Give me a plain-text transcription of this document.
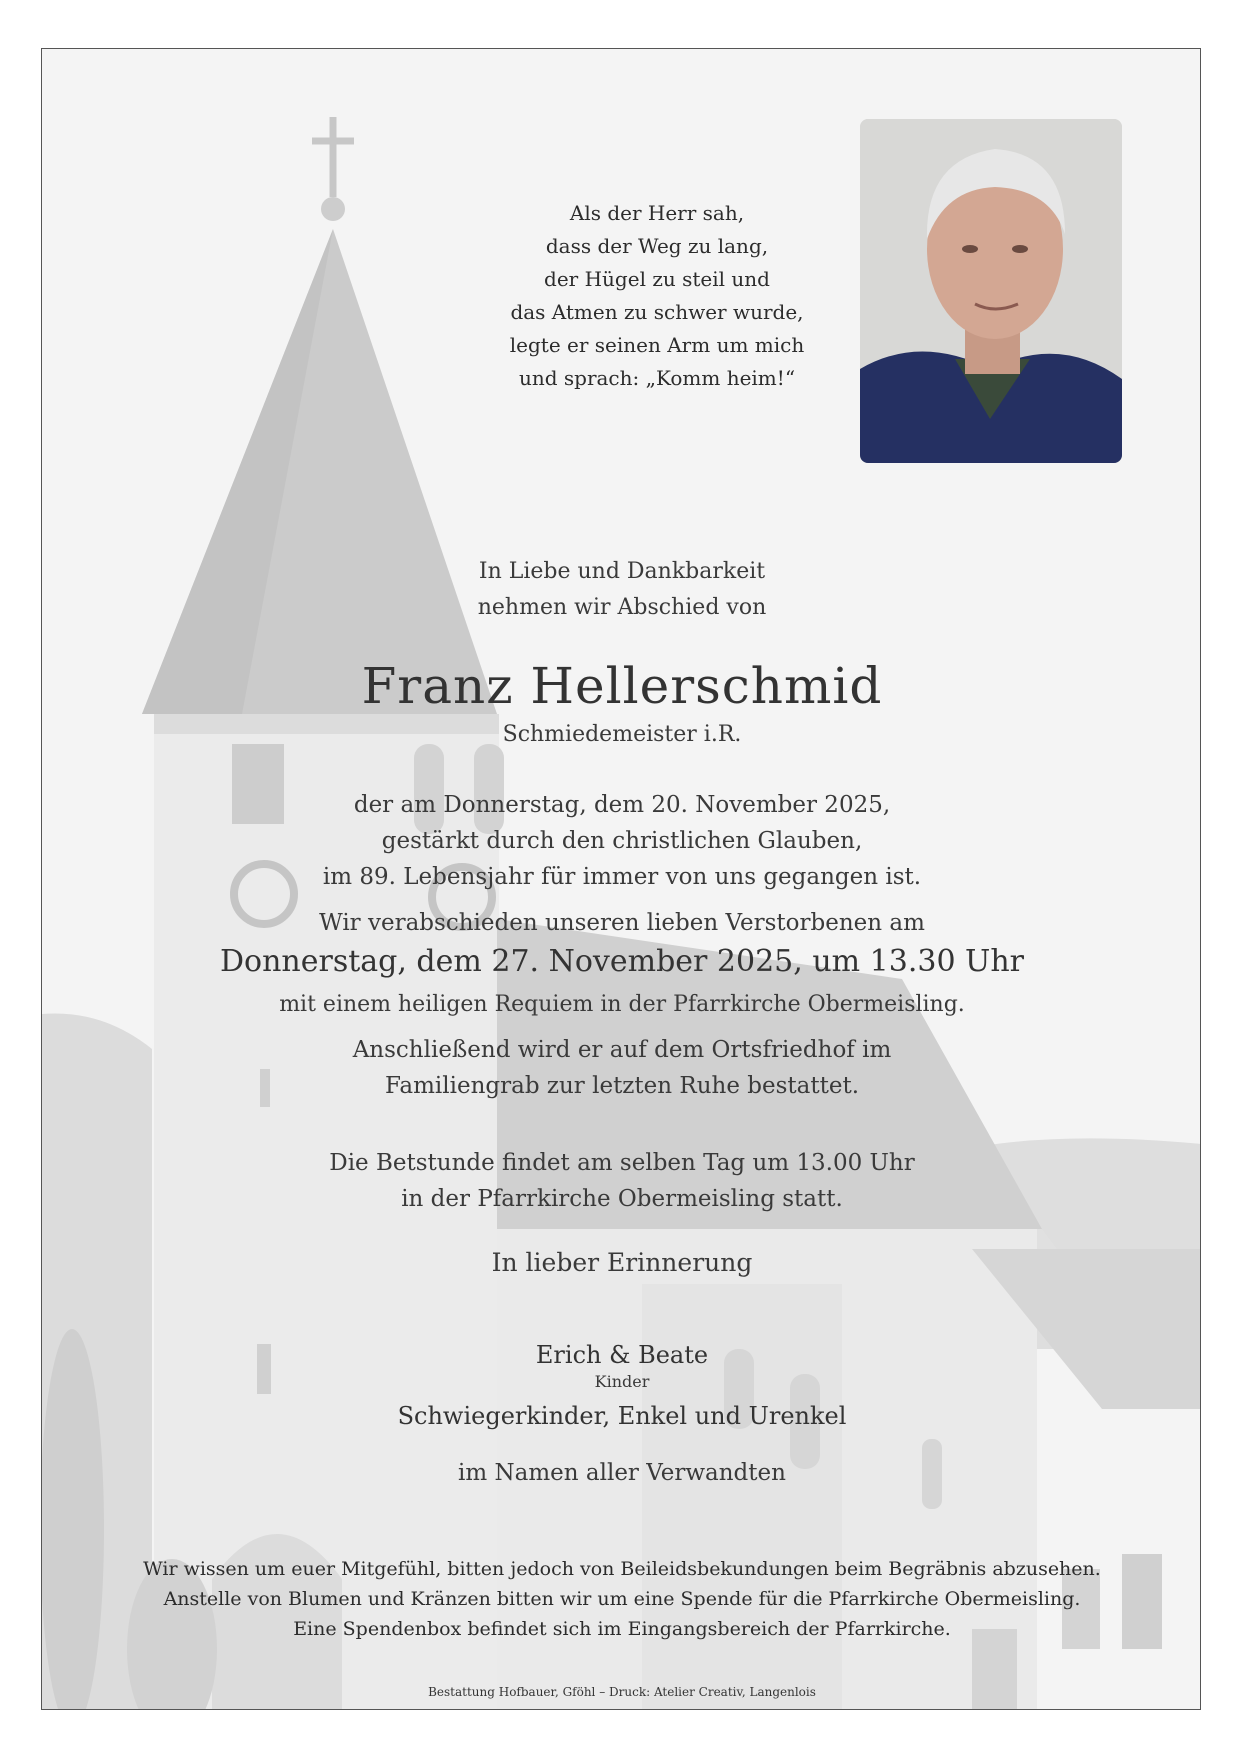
Als der Herr sah,
dass der Weg zu lang,
der Hügel zu steil und
das Atmen zu schwer wurde,
legte er seinen Arm um mich
und sprach: „Komm heim!“
In Liebe und Dankbarkeit
nehmen wir Abschied von
Franz Hellerschmid
Schmiedemeister i.R.
der am Donnerstag, dem 20. November 2025,
gestärkt durch den christlichen Glauben,
im 89. Lebensjahr für immer von uns gegangen ist.
Wir verabschieden unseren lieben Verstorbenen am
Donnerstag, dem 27. November 2025, um 13.30 Uhr
mit einem heiligen Requiem in der Pfarrkirche Obermeisling.
Anschließend wird er auf dem Ortsfriedhof im
Familiengrab zur letzten Ruhe bestattet.
Die Betstunde findet am selben Tag um 13.00 Uhr
in der Pfarrkirche Obermeisling statt.
In lieber Erinnerung
Erich & Beate
Kinder
Schwiegerkinder, Enkel und Urenkel
im Namen aller Verwandten
Wir wissen um euer Mitgefühl, bitten jedoch von Beileidsbekundungen beim Begräbnis abzusehen.
Anstelle von Blumen und Kränzen bitten wir um eine Spende für die Pfarrkirche Obermeisling.
Eine Spendenbox befindet sich im Eingangsbereich der Pfarrkirche.
Bestattung Hofbauer, Gföhl – Druck: Atelier Creativ, Langenlois
